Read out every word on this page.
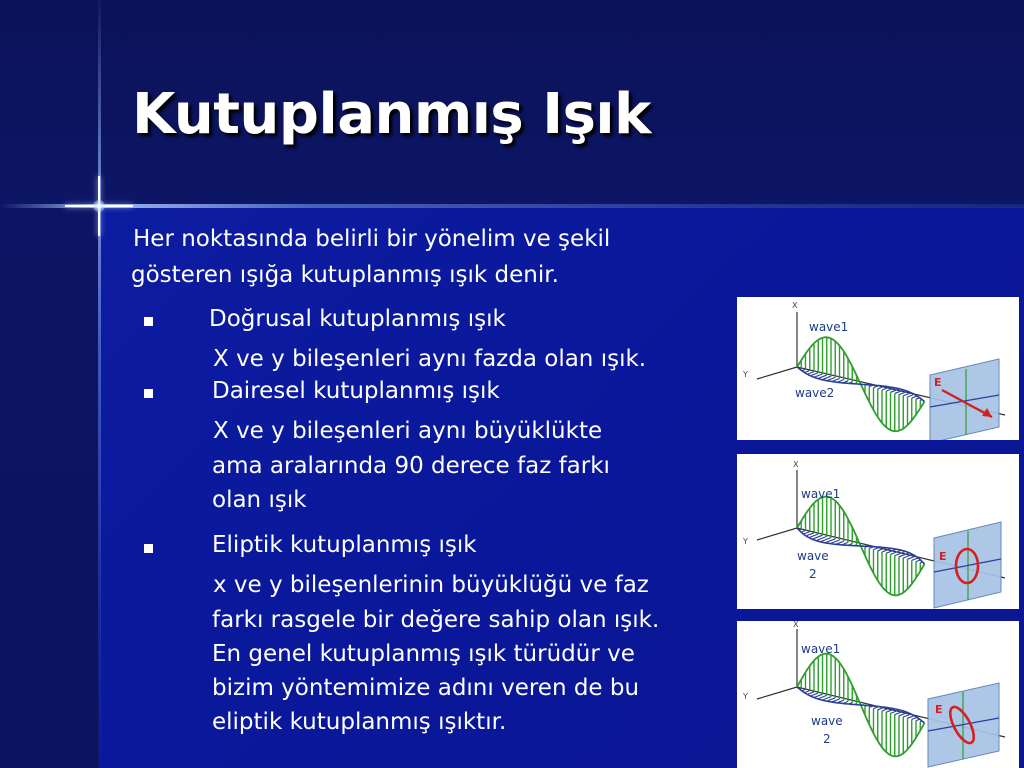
Kutuplanmış Işık

Her noktasında belirli bir yönelim ve şekil

gösteren ışığa kutuplanmış ışık denir.

Doğrusal kutuplanmış ışık

X ve y bileşenleri aynı fazda olan ışık.

Dairesel kutuplanmış ışık

X ve y bileşenleri aynı büyüklükte

ama aralarında 90 derece faz farkı

olan ışık

Eliptik kutuplanmış ışık

x ve y bileşenlerinin büyüklüğü ve faz

farkı rasgele bir değere sahip olan ışık.

En genel kutuplanmış ışık türüdür ve

bizim yöntemimize adını veren de bu

eliptik kutuplanmış ışıktır.

X
Y
wave1
wave2
E
X
Y
wave1
wave
2
E
X
Y
wave1
wave
2
E
